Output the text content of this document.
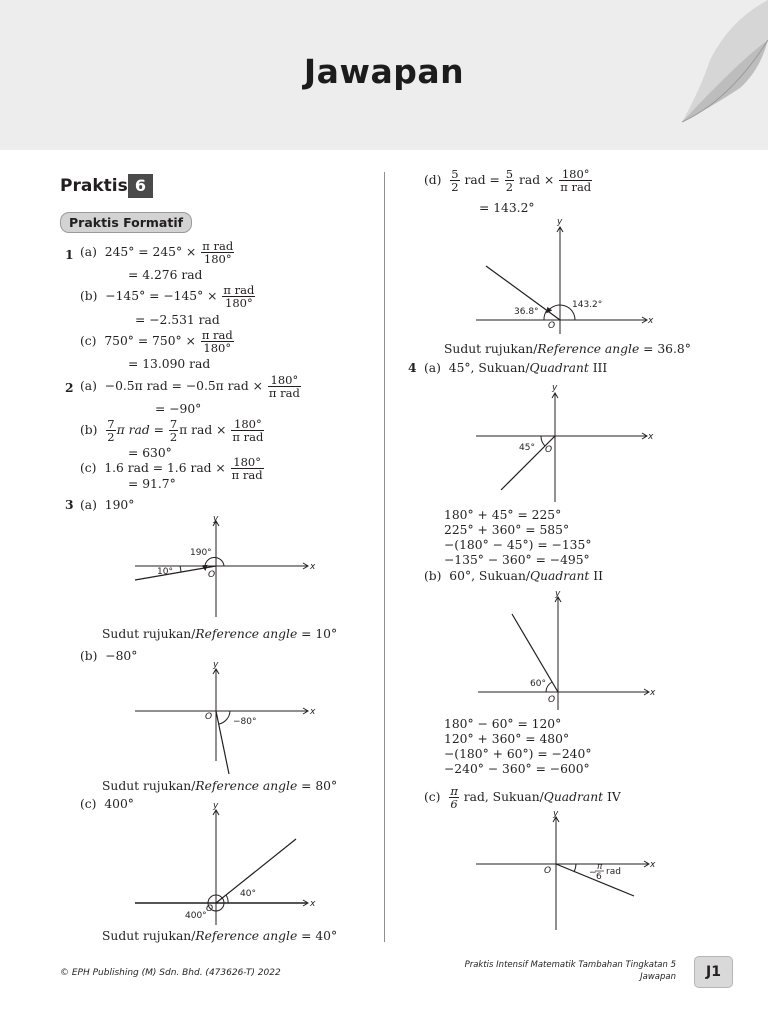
Jawapan
Praktis 6
Praktis Formatif
1 (a) $245^\circ = 245^\circ \times \frac{\text{π rad}}{180^\circ}$
= 4.276 rad
$(b) -145^\circ = -145^\circ \times \frac{\text{π rad}}{180^\circ}$
= −2.531 rad
(c) $750^\circ = 750^\circ \times \frac{\text{π rad}}{180^\circ}$
= 13.090 rad
2 (a) −0.5π rad = −0.5π rad × $\frac{180^\circ}{\text{π rad}}$
= −90°
$(b) \frac{7}{2}$ π rad = $\frac{7}{2}$ π rad × $\frac{180^\circ}{\text{π rad}}$
= 630°
(c) 1.6 rad = 1.6 rad × $\frac{180^\circ}{\text{π rad}}$
= 91.7°
3 (a) 190°
x
y
O
190°
10°
Sudut rujukan/Reference angle = 10°
(b) −80°
x
y
O −80°
Sudut rujukan/Reference angle = 80°
(c) 400°
x
y
O
40°
400°
Sudut rujukan/Reference angle = 40°
$(d) \frac{5}{2}$ rad = $\frac{5}{2}$ rad × $\frac{180^\circ}{\text{π rad}}$
= 143.2°
x
y
O
143.2°
36.8°
Sudut rujukan/Reference angle = 36.8°
4 (a) 45°, Sukuan/Quadrant III
x
y
O
45°
180° + 45° = 225°
225° + 360° = 585°
−(180° − 45°) = −135°
−135° − 360° = −495°
(b) 60°, Sukuan/Quadrant II
x
y
O
60°
180° − 60° = 120°
120° + 360° = 480°
−(180° + 60°) = −240°
−240° − 360° = −600°
$(c) \frac{\pi}{6}$ rad, Sukuan/Quadrant IV
x
y
O	−
π
6 rad
© EPH Publishing (M) Sdn. Bhd. (473626-T) 2022
Praktis Intensif Matematik Tambahan Tingkatan 5
Jawapan	J1
